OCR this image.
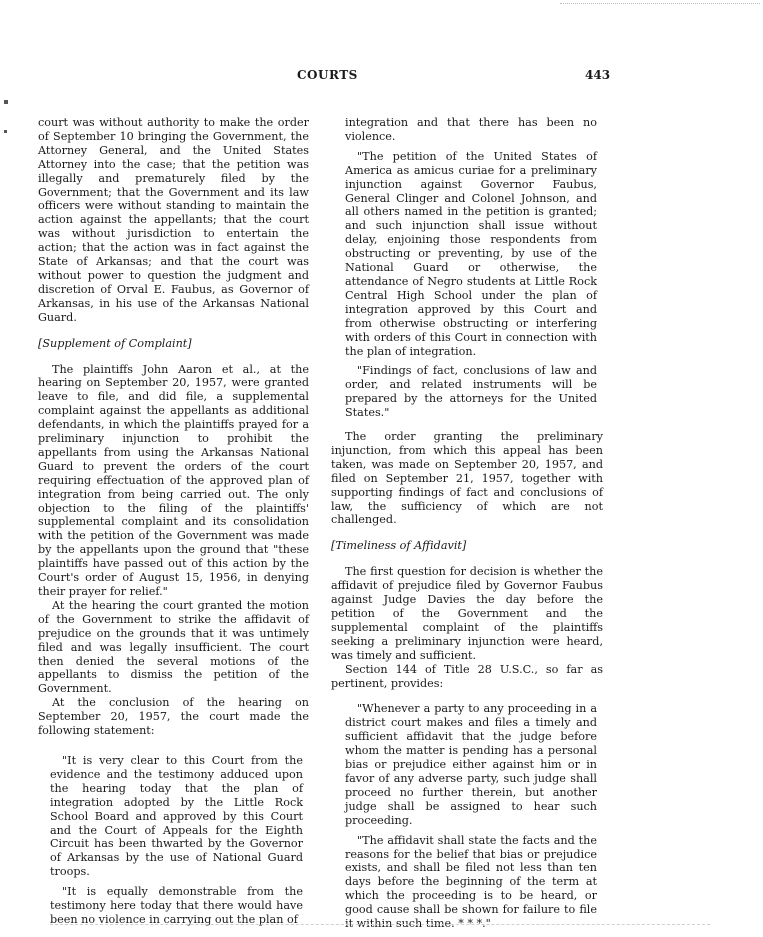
COURTS	443

court was without authority to make the order of September 10 bringing the Government, the Attorney General, and the United States Attorney into the case; that the petition was illegally and prematurely filed by the Government; that the Government and its law officers were without standing to maintain the action against the appellants; that the court was without jurisdiction to entertain the action; that the action was in fact against the State of Arkansas; and that the court was without power to question the judgment and discretion of Orval E. Faubus, as Governor of Arkansas, in his use of the Arkansas National Guard.

[Supplement of Complaint]

The plaintiffs John Aaron et al., at the hearing on September 20, 1957, were granted leave to file, and did file, a supplemental complaint against the appellants as additional defendants, in which the plaintiffs prayed for a preliminary injunction to prohibit the appellants from using the Arkansas National Guard to prevent the orders of the court requiring effectuation of the approved plan of integration from being carried out. The only objection to the filing of the plaintiffs' supplemental complaint and its consolidation with the petition of the Government was made by the appellants upon the ground that "these plaintiffs have passed out of this action by the Court's order of August 15, 1956, in denying their prayer for relief."

At the hearing the court granted the motion of the Government to strike the affidavit of prejudice on the grounds that it was untimely filed and was legally insufficient. The court then denied the several motions of the appellants to dismiss the petition of the Government.

At the conclusion of the hearing on September 20, 1957, the court made the following statement:

"It is very clear to this Court from the evidence and the testimony adduced upon the hearing today that the plan of integration adopted by the Little Rock School Board and approved by this Court and the Court of Appeals for the Eighth Circuit has been thwarted by the Governor of Arkansas by the use of National Guard troops.

"It is equally demonstrable from the testimony here today that there would have been no violence in carrying out the plan of

integration and that there has been no violence.

"The petition of the United States of America as amicus curiae for a preliminary injunction against Governor Faubus, General Clinger and Colonel Johnson, and all others named in the petition is granted; and such injunction shall issue without delay, enjoining those respondents from obstructing or preventing, by use of the National Guard or otherwise, the attendance of Negro students at Little Rock Central High School under the plan of integration approved by this Court and from otherwise obstructing or interfering with orders of this Court in connection with the plan of integration.

"Findings of fact, conclusions of law and order, and related instruments will be prepared by the attorneys for the United States."

The order granting the preliminary injunction, from which this appeal has been taken, was made on September 20, 1957, and filed on September 21, 1957, together with supporting findings of fact and conclusions of law, the sufficiency of which are not challenged.

[Timeliness of Affidavit]

The first question for decision is whether the affidavit of prejudice filed by Governor Faubus against Judge Davies the day before the petition of the Government and the supplemental complaint of the plaintiffs seeking a preliminary injunction were heard, was timely and sufficient.

Section 144 of Title 28 U.S.C., so far as pertinent, provides:

"Whenever a party to any proceeding in a district court makes and files a timely and sufficient affidavit that the judge before whom the matter is pending has a personal bias or prejudice either against him or in favor of any adverse party, such judge shall proceed no further therein, but another judge shall be assigned to hear such proceeding.

"The affidavit shall state the facts and the reasons for the belief that bias or prejudice exists, and shall be filed not less than ten days before the beginning of the term at which the proceeding is to be heard, or good cause shall be shown for failure to file it within such time. * * *."
